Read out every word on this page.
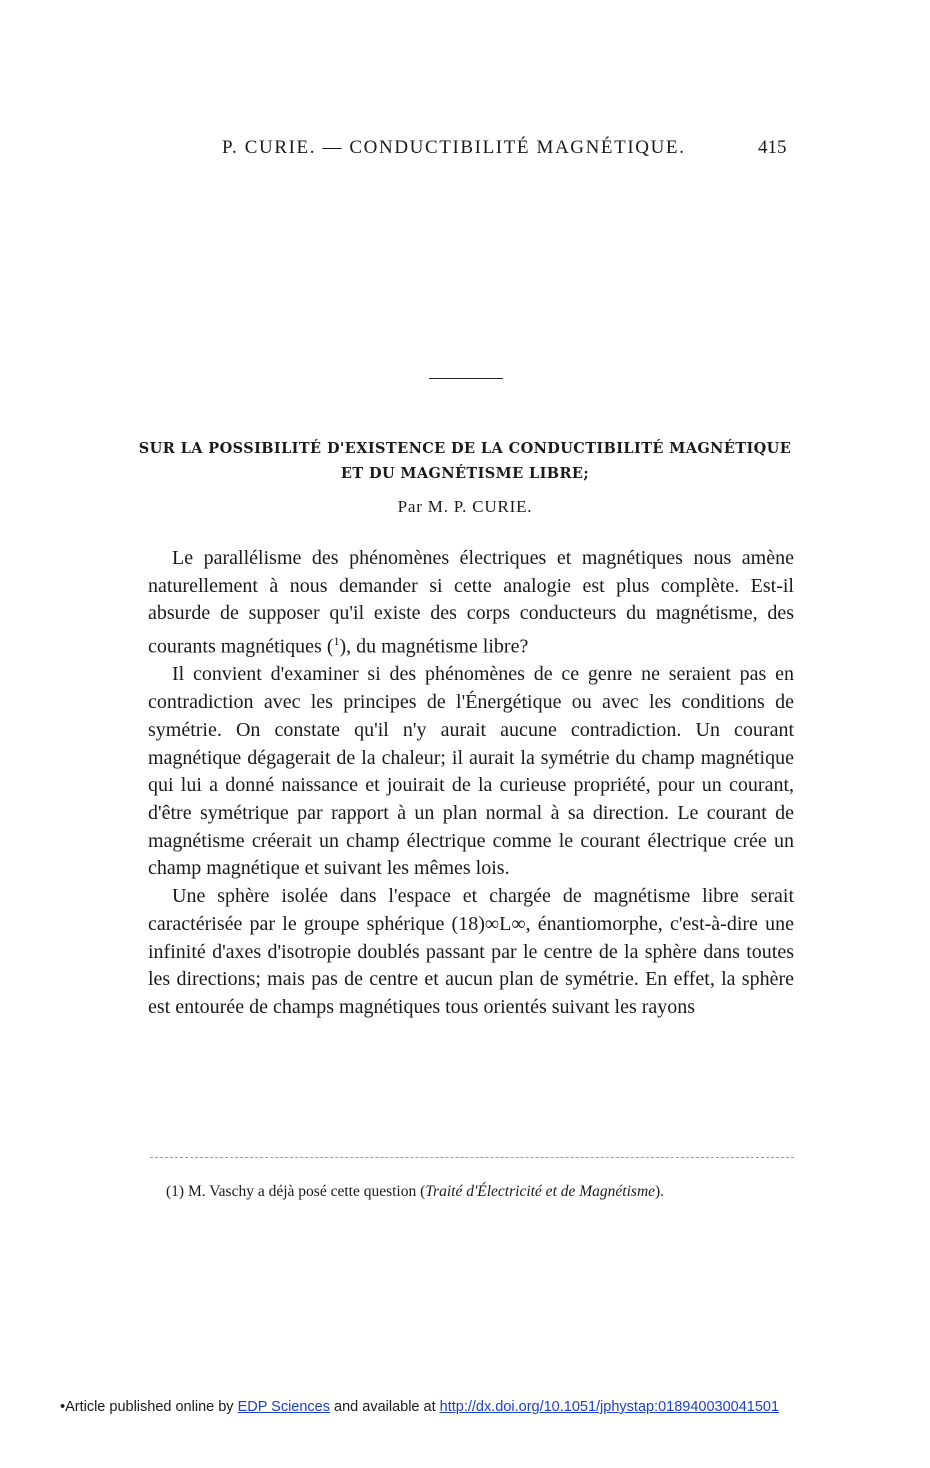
P. CURIE. — CONDUCTIBILITÉ MAGNÉTIQUE.	415
SUR LA POSSIBILITÉ D'EXISTENCE DE LA CONDUCTIBILITÉ MAGNÉTIQUE
ET DU MAGNÉTISME LIBRE;
Par M. P. CURIE.

Le parallélisme des phénomènes électriques et magnétiques nous amène naturellement à nous demander si cette analogie est plus complète. Est-il absurde de supposer qu'il existe des corps conducteurs du magnétisme, des courants magnétiques ($^1$), du magnétisme libre?

Il convient d'examiner si des phénomènes de ce genre ne seraient pas en contradiction avec les principes de l'Énergétique ou avec les conditions de symétrie. On constate qu'il n'y aurait aucune contradiction. Un courant magnétique dégagerait de la chaleur; il aurait la symétrie du champ magnétique qui lui a donné naissance et jouirait de la curieuse propriété, pour un courant, d'être symétrique par rapport à un plan normal à sa direction. Le courant de magnétisme créerait un champ électrique comme le courant électrique crée un champ magnétique et suivant les mêmes lois.

Une sphère isolée dans l'espace et chargée de magnétisme libre serait caractérisée par le groupe sphérique (18)∞L∞, énantiomorphe, c'est-à-dire une infinité d'axes d'isotropie doublés passant par le centre de la sphère dans toutes les directions; mais pas de centre et aucun plan de symétrie. En effet, la sphère est entourée de champs magnétiques tous orientés suivant les rayons

(1) M. Vaschy a déjà posé cette question (Traité d'Électricité et de Magnétisme).
•Article published online by EDP Sciences and available at http://dx.doi.org/10.1051/jphystap:018940030041501
